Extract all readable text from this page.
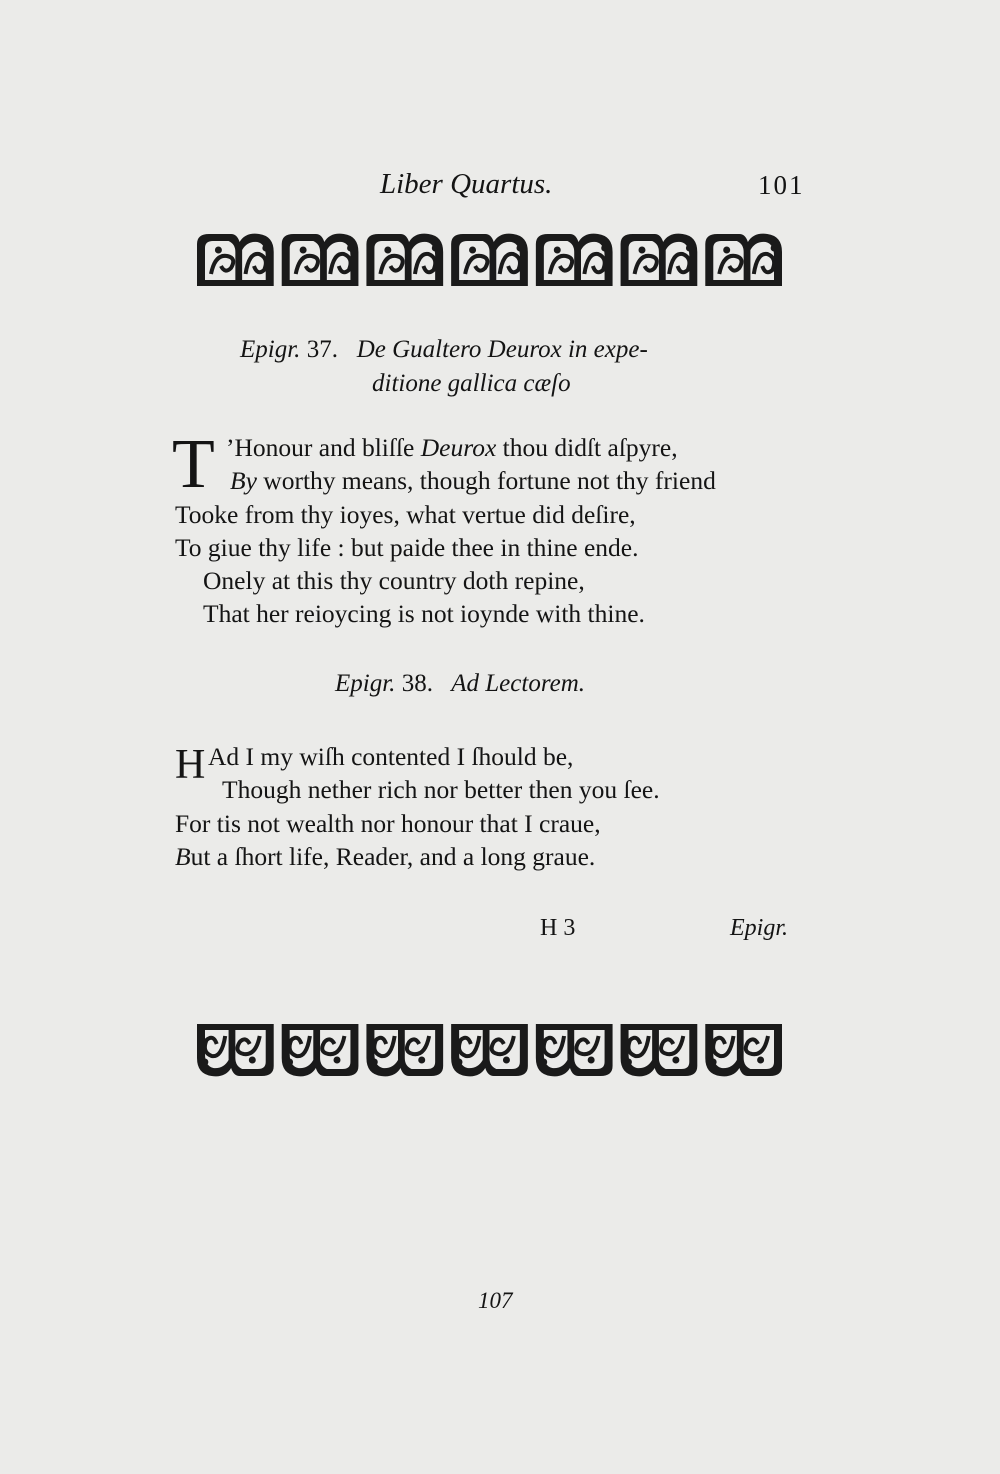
Liber Quartus.	101
Epigr. 37. De Gualtero Deurox in expe-
ditione gallica cæſo
T ’Honour and bliſſe Deurox thou didſt aſpyre,
By worthy means, though fortune not thy friend
Tooke from thy ioyes, what vertue did deſire,
To giue thy life : but paide thee in thine ende.
Onely at this thy country doth repine,
That her reioycing is not ioynde with thine.
Epigr. 38. Ad Lectorem.
H Ad I my wiſh contented I ſhould be,
Though nether rich nor better then you ſee.
For tis not wealth nor honour that I craue,
But a ſhort life, Reader, and a long graue.
H 3	Epigr.
107
